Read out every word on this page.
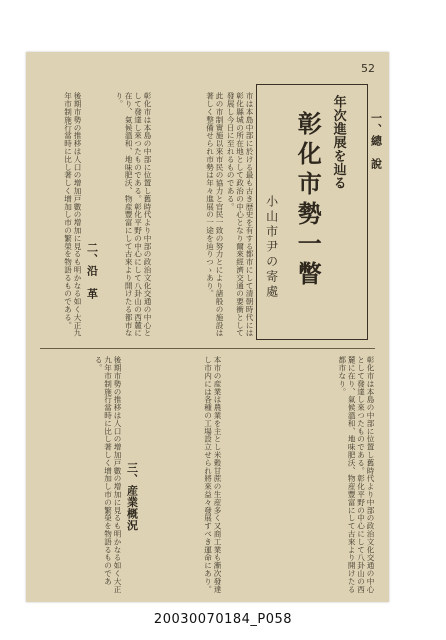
52
年次進展を辿る
彰化市勢一瞥
小山市尹の寄處
一、總　說
市は本島中部に於ける最も古き歴史を有する都市にして清朝時代には彰化縣城の所在地として政治の中心となり爾來經濟交通の要衝として發展し今日に至れるものである。
此の市制實施以來市民の協力と官民一致の努力とにより諸般の施設は著しく整備せられ市勢は年々進展の一途を辿りつゝあり。
彰化市は本島の中部に位置し舊時代より中部の政治文化交通の中心として發達し來つたものである。彰化平野の中心にして八卦山の西麓に在り、氣候溫和、地味肥沃、物産豐富にして古來より開けたる都市なり。
二、沿　革
後期市勢の推移は人口の增加戸數の增加に見るも明かなる如く大正九年市制施行當時に比し著しく增加し市の繁榮を物語るものである。
彰化市は本島の中部に位置し舊時代より中部の政治文化交通の中心として發達し來つたものである。彰化平野の中心にして八卦山の西麓に在り、氣候溫和、地味肥沃、物産豐富にして古來より開けたる都市なり。
本市の産業は農業を主とし米穀甘蔗の生産多く又商工業も漸次發達し市内には各種の工場設立せられ將來益々發展すべき運命にあり。
三、産業概況
後期市勢の推移は人口の增加戸數の增加に見るも明かなる如く大正九年市制施行當時に比し著しく增加し市の繁榮を物語るものである。
20030070184_P058
